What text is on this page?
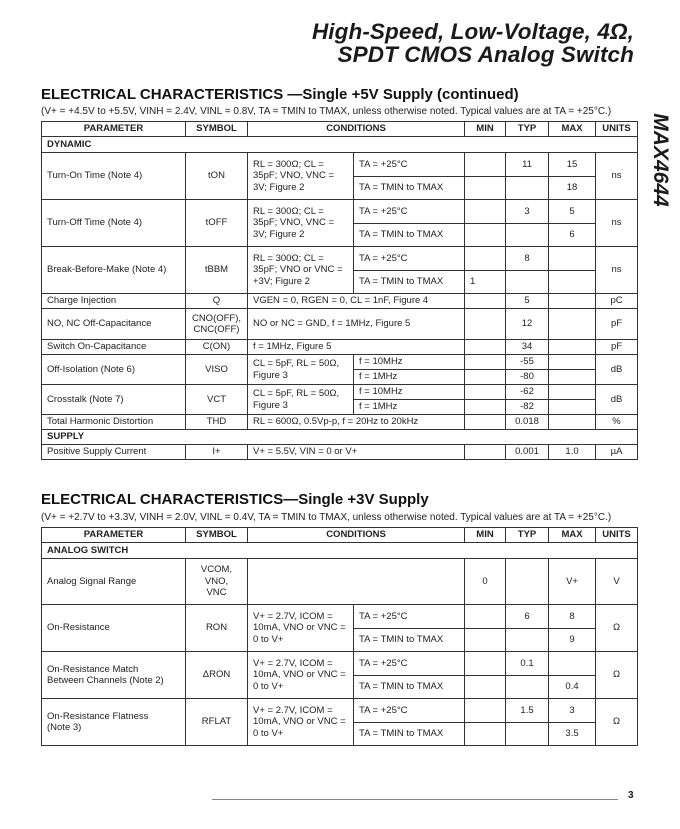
High-Speed, Low-Voltage, 4Ω,
SPDT CMOS Analog Switch
MAX4644
ELECTRICAL CHARACTERISTICS —Single +5V Supply (continued)
(V+ = +4.5V to +5.5V, VINH = 2.4V, VINL = 0.8V, TA = TMIN to TMAX, unless otherwise noted. Typical values are at TA = +25°C.)
PARAMETER	SYMBOL	CONDITIONS		MIN	TYP	MAX	UNITS
DYNAMIC							
Turn-On Time (Note 4)	tON	RL = 300Ω; CL = 35pF; VNO, VNC = 3V; Figure 2	TA = +25°C		11	15	ns
			TA = TMIN to TMAX			18	
Turn-Off Time (Note 4)	tOFF	RL = 300Ω; CL = 35pF; VNO, VNC = 3V; Figure 2	TA = +25°C		3	5	ns
			TA = TMIN to TMAX			6	
Break-Before-Make (Note 4)	tBBM	RL = 300Ω; CL = 35pF; VNO or VNC = +3V; Figure 2	TA = +25°C		8		ns
			TA = TMIN to TMAX	1			
Charge Injection	Q	VGEN = 0, RGEN = 0, CL = 1nF, Figure 4			5		pC
NO, NC Off-Capacitance	CNO(OFF),
CNC(OFF)	NO or NC = GND, f = 1MHz, Figure 5			12		pF
Switch On-Capacitance	C(ON)	f = 1MHz, Figure 5			34		pF
Off-Isolation (Note 6)	VISO	CL = 5pF, RL = 50Ω, Figure 3	f = 10MHz		-55		dB
			f = 1MHz		-80		
Crosstalk (Note 7)	VCT	CL = 5pF, RL = 50Ω, Figure 3	f = 10MHz		-62		dB
			f = 1MHz		-82		
Total Harmonic Distortion	THD	RL = 600Ω, 0.5Vp-p, f = 20Hz to 20kHz			0.018		%
SUPPLY							
Positive Supply Current	I+	V+ = 5.5V, VIN = 0 or V+			0.001	1.0	µA
ELECTRICAL CHARACTERISTICS—Single +3V Supply
(V+ = +2.7V to +3.3V, VINH = 2.0V, VINL = 0.4V, TA = TMIN to TMAX, unless otherwise noted. Typical values are at TA = +25°C.)
PARAMETER	SYMBOL	CONDITIONS		MIN	TYP	MAX	UNITS
ANALOG SWITCH							
Analog Signal Range	VCOM,
VNO,
VNC			0		V+	V
On-Resistance	RON	V+ = 2.7V, ICOM = 10mA, VNO or VNC = 0 to V+	TA = +25°C		6	8	Ω
			TA = TMIN to TMAX			9	

On-Resistance Match
Between Channels (Note 2)	ΔRON	V+ = 2.7V, ICOM = 10mA, VNO or VNC = 0 to V+	TA = +25°C		0.1		Ω
			TA = TMIN to TMAX			0.4	

On-Resistance Flatness
(Note 3)	RFLAT	V+ = 2.7V, ICOM = 10mA, VNO or VNC = 0 to V+	TA = +25°C		1.5	3	Ω
			TA = TMIN to TMAX			3.5	
3
